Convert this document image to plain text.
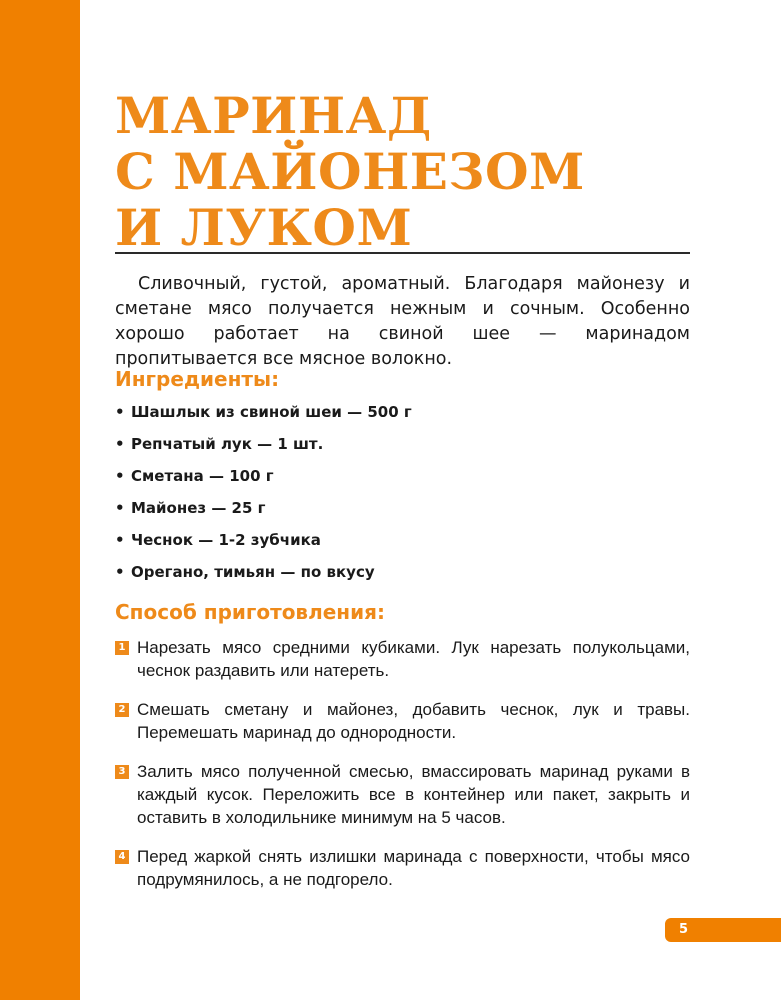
МАРИНАД
С МАЙОНЕЗОМ
И ЛУКОМ

Сливочный, густой, ароматный. Благодаря майонезу и сметане мясо получается нежным и сочным. Особенно хорошо работает на свиной шее — маринадом пропитывается все мясное волокно.

Ингредиенты:
• Шашлык из свиной шеи — 500 г
• Репчатый лук — 1 шт.
• Сметана — 100 г
• Майонез — 25 г
• Чеснок — 1-2 зубчика
• Орегано, тимьян — по вкусу
Способ приготовления:
1 Нарезать мясо средними кубиками. Лук нарезать полукольцами, чеснок раздавить или натереть.
2 Смешать сметану и майонез, добавить чеснок, лук и травы. Перемешать маринад до однородности.
3 Залить мясо полученной смесью, вмассировать маринад руками в каждый кусок. Переложить все в контейнер или пакет, закрыть и оставить в холодильнике минимум на 5 часов.
4 Перед жаркой снять излишки маринада с поверхности, чтобы мясо подрумянилось, а не подгорело.
5
